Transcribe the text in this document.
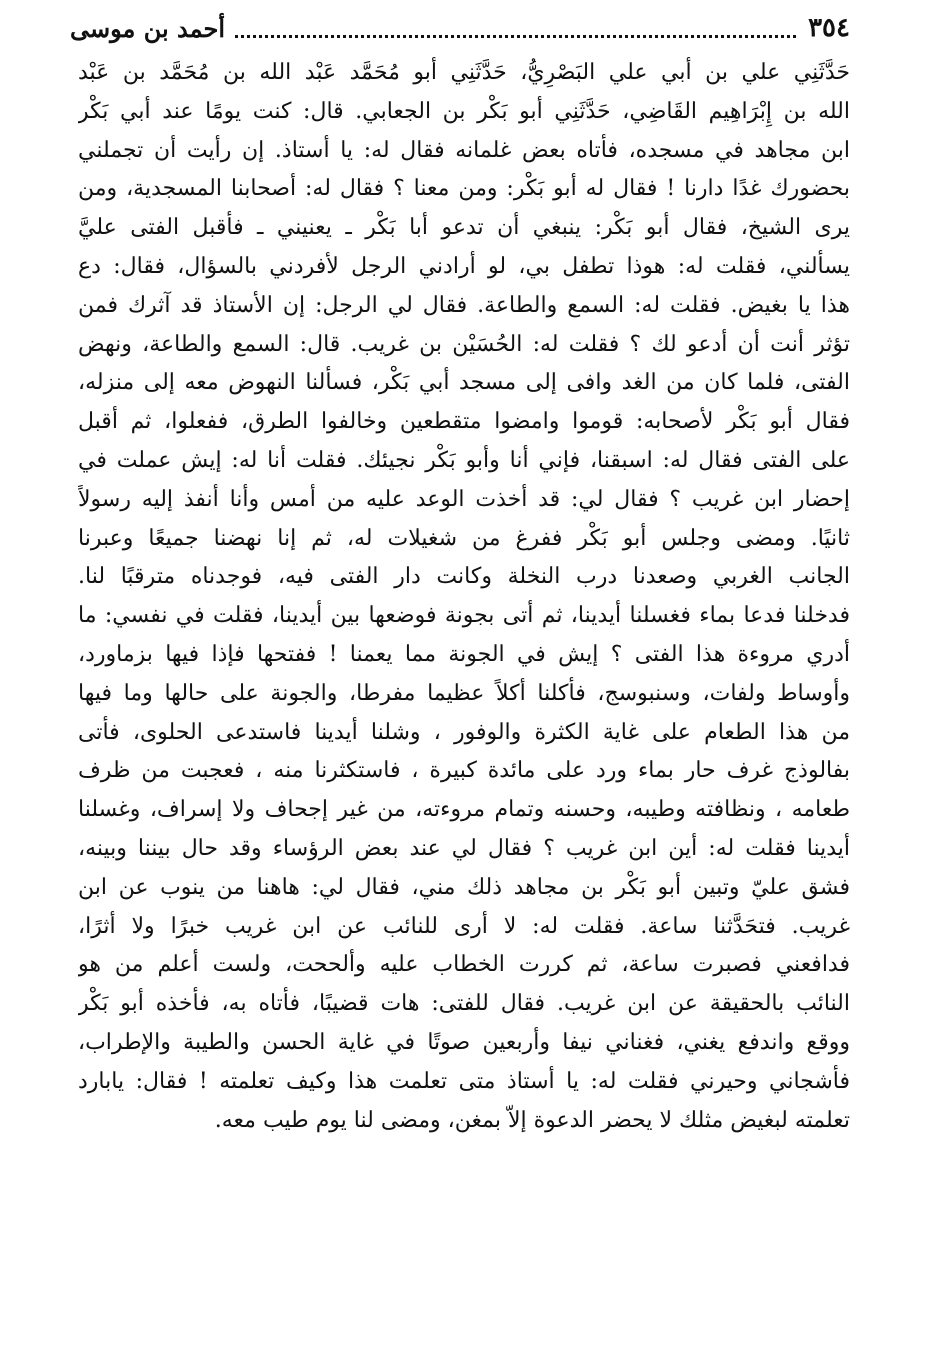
٣٥٤
أحمد بن موسى
حَدَّثَنِي علي بن أبي علي البَصْرِيُّ، حَدَّثَنِي أبو مُحَمَّد عَبْد الله بن مُحَمَّد بن عَبْد
الله بن إِبْرَاهِيم القَاضِي، حَدَّثَنِي أبو بَكْر بن الجعابي. قال: كنت يومًا عند أبي بَكْر
ابن مجاهد في مسجده، فأتاه بعض غلمانه فقال له: يا أستاذ. إن رأيت أن تجملني
بحضورك غدًا دارنا ! فقال له أبو بَكْر: ومن معنا ؟ فقال له: أصحابنا المسجدية، ومن
يرى الشيخ، فقال أبو بَكْر: ينبغي أن تدعو أبا بَكْر ـ يعنيني ـ فأقبل الفتى عليَّ
يسألني، فقلت له: هوذا تطفل بي، لو أرادني الرجل لأفردني بالسؤال، فقال: دع
هذا يا بغيض. فقلت له: السمع والطاعة. فقال لي الرجل: إن الأستاذ قد آثرك فمن
تؤثر أنت أن أدعو لك ؟ فقلت له: الحُسَيْن بن غريب. قال: السمع والطاعة، ونهض
الفتى، فلما كان من الغد وافى إلى مسجد أبي بَكْر، فسألنا النهوض معه إلى منزله،
فقال أبو بَكْر لأصحابه: قوموا وامضوا متقطعين وخالفوا الطرق، ففعلوا، ثم أقبل
على الفتى فقال له: اسبقنا، فإني أنا وأبو بَكْر نجيئك. فقلت أنا له: إيش عملت في
إحضار ابن غريب ؟ فقال لي: قد أخذت الوعد عليه من أمس وأنا أنفذ إليه رسولاً
ثانيًا. ومضى وجلس أبو بَكْر ففرغ من شغيلات له، ثم إنا نهضنا جميعًا وعبرنا
الجانب الغربي وصعدنا درب النخلة وكانت دار الفتى فيه، فوجدناه مترقبًا لنا.
فدخلنا فدعا بماء فغسلنا أيدينا، ثم أتى بجونة فوضعها بين أيدينا، فقلت في نفسي: ما
أدري مروءة هذا الفتى ؟ إيش في الجونة مما يعمنا ! ففتحها فإذا فيها بزماورد،
وأوساط ولفات، وسنبوسج، فأكلنا أكلاً عظيما مفرطا، والجونة على حالها وما فيها
من هذا الطعام على غاية الكثرة والوفور ، وشلنا أيدينا فاستدعى الحلوى، فأتى
بفالوذج غرف حار بماء ورد على مائدة كبيرة ، فاستكثرنا منه ، فعجبت من ظرف
طعامه ، ونظافته وطيبه، وحسنه وتمام مروءته، من غير إجحاف ولا إسراف، وغسلنا
أيدينا فقلت له: أين ابن غريب ؟ فقال لي عند بعض الرؤساء وقد حال بيننا وبينه،
فشق عليّ وتبين أبو بَكْر بن مجاهد ذلك مني، فقال لي: هاهنا من ينوب عن ابن
غريب. فتحَدَّثنا ساعة. فقلت له: لا أرى للنائب عن ابن غريب خبرًا ولا أثرًا،
فدافعني فصبرت ساعة، ثم كررت الخطاب عليه وألححت، ولست أعلم من هو
النائب بالحقيقة عن ابن غريب. فقال للفتى: هات قضيبًا، فأتاه به، فأخذه أبو بَكْر
ووقع واندفع يغني، فغناني نيفا وأربعين صوتًا في غاية الحسن والطيبة والإطراب،
فأشجاني وحيرني فقلت له: يا أستاذ متى تعلمت هذا وكيف تعلمته ! فقال: يابارد
تعلمته لبغيض مثلك لا يحضر الدعوة إلاّ بمغن، ومضى لنا يوم طيب معه.
